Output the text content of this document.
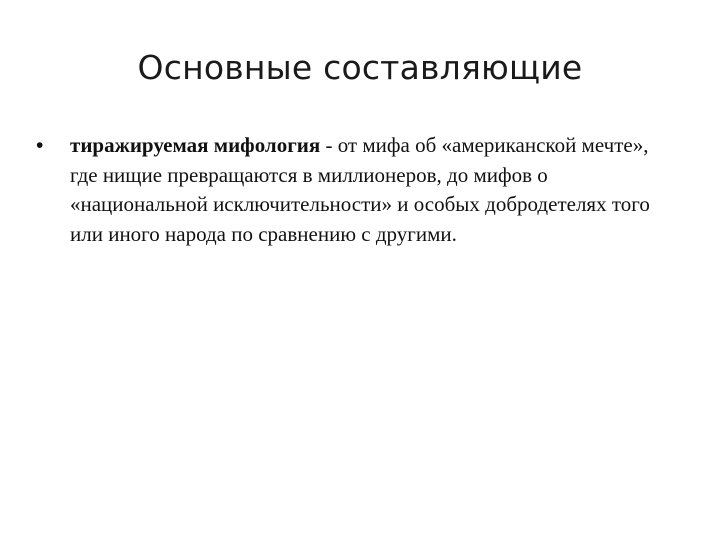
Основные составляющие
• тиражируемая мифология - от мифа об «американской мечте», где нищие превращаются в миллионеров, до мифов о «национальной исключительности» и особых добродетелях того или иного народа по сравнению с другими.
